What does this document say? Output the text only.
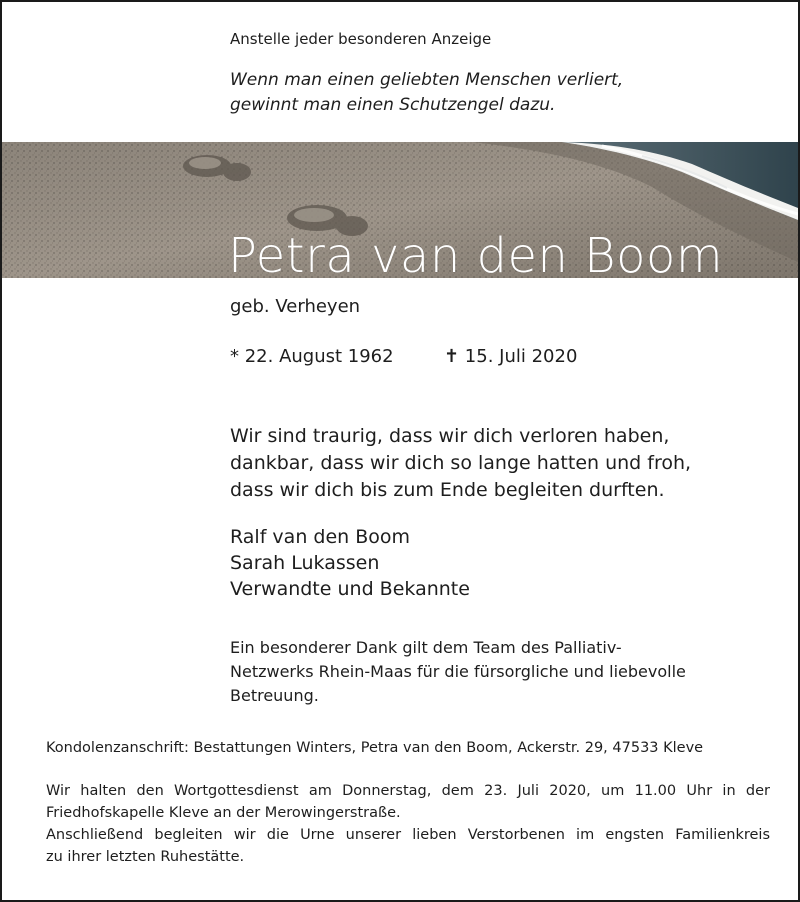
Anstelle jeder besonderen Anzeige
Wenn man einen geliebten Menschen verliert,
gewinnt man einen Schutzengel dazu.
Petra van den Boom
geb. Verheyen
* 22. August 1962	✝ 15. Juli 2020
Wir sind traurig, dass wir dich verloren haben,
dankbar, dass wir dich so lange hatten und froh,
dass wir dich bis zum Ende begleiten durften.
Ralf van den Boom
Sarah Lukassen
Verwandte und Bekannte
Ein besonderer Dank gilt dem Team des Palliativ-
Netzwerks Rhein-Maas für die fürsorgliche und liebevolle
Betreuung.
Kondolenzanschrift: Bestattungen Winters, Petra van den Boom, Ackerstr. 29, 47533 Kleve
Wir halten den Wortgottesdienst am Donnerstag, dem 23. Juli 2020, um 11.00 Uhr in der
Friedhofskapelle Kleve an der Merowingerstraße.
Anschließend begleiten wir die Urne unserer lieben Verstorbenen im engsten Familienkreis
zu ihrer letzten Ruhestätte.
